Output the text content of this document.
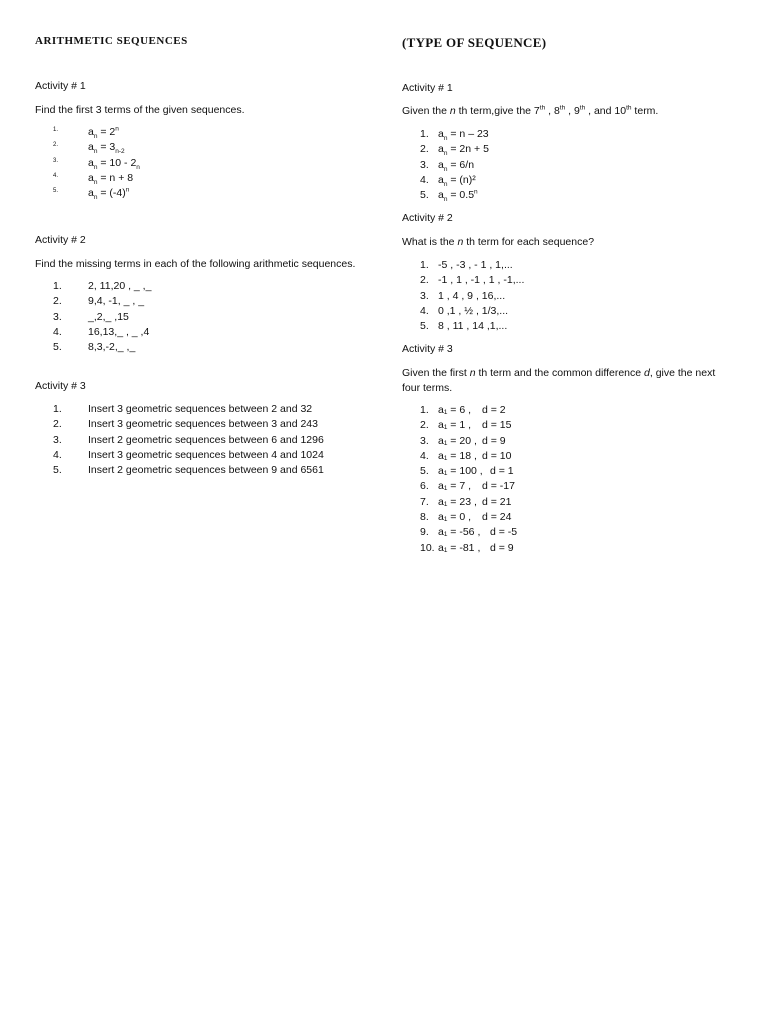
ARITHMETIC SEQUENCES
Activity # 1
Find the first 3 terms of the given sequences.
1.	$a_n = 2^n$
2.	$a_n = 3_{n-2}$
3.	$a_n = 10 - 2_n$
4.	$a_n = n + 8$
5.	$a_n = (-4)^n$
Activity # 2
Find the missing terms in each of the following arithmetic sequences.
1. 2, 11,20 , _ ,_
2. 9,4, -1, _ , _
3. _,2,_ ,15
4. 16,13,_ , _ ,4
5. 8,3,-2,_ ,_
Activity # 3
1. Insert 3 geometric sequences between 2 and 32
2. Insert 3 geometric sequences between 3 and 243
3. Insert 2 geometric sequences between 6 and 1296
4. Insert 3 geometric sequences between 4 and 1024
5. Insert 2 geometric sequences between 9 and 6561
(TYPE OF SEQUENCE)
Activity # 1
Given the n th term,give the 7th , 8th , 9th , and 10th term.
1. $a_n = n - 23$
2. $a_n = 2n + 5$
3. $a_n = 6/n$
4. $a_n = (n)^2$
5. $a_n = 0.5^n$
Activity # 2
What is the n th term for each sequence?
1. -5 , -3 , - 1 , 1,...
2. -1 , 1 , -1 , 1 , -1,...
3. 1 , 4 , 9 , 16,...
4. 0 ,1 , ½ , 1/3,...
5. 8 , 11 , 14 ,1,...
Activity # 3
Given the first n th term and the common difference d, give the next four terms.
1. a₁ = 6 , d = 2
2. a₁ = 1 , d = 15
3. a₁ = 20 , d = 9
4. a₁ = 18 , d = 10
5. a₁ = 100 , d = 1
6. a₁ = 7 , d = -17
7. a₁ = 23 , d = 21
8. a₁ = 0 , d = 24
9. a₁ = -56 , d = -5
10. a₁ = -81 , d = 9
